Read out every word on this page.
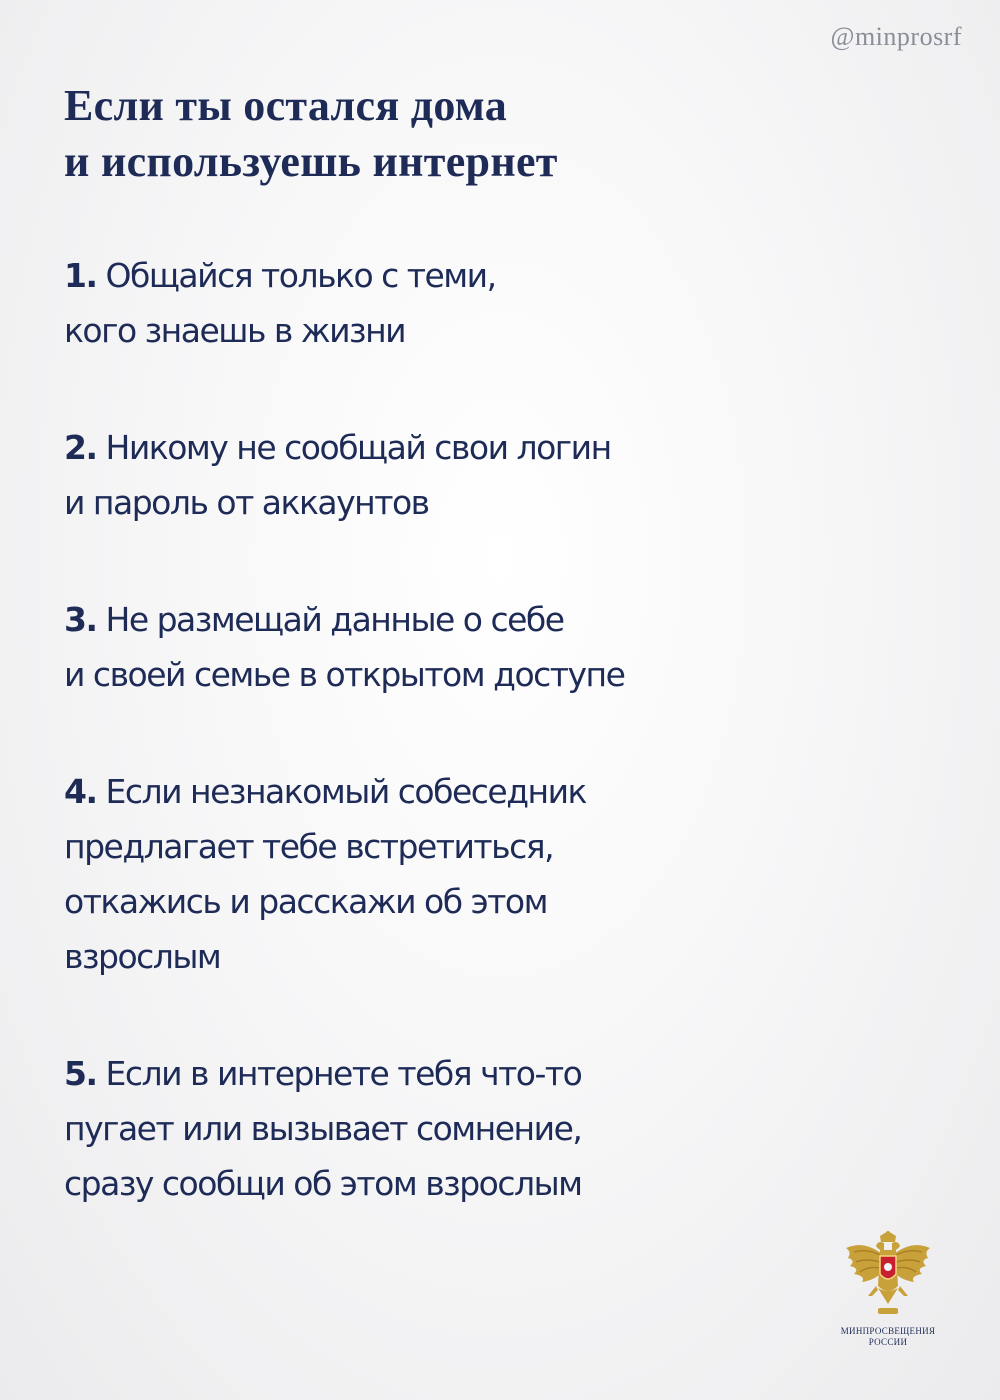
@minprosrf
Если ты остался дома
и используешь интернет
1. Общайся только с теми,
кого знаешь в жизни
2. Никому не сообщай свои логин
и пароль от аккаунтов
3. Не размещай данные о себе
и своей семье в открытом доступе
4. Если незнакомый собеседник
предлагает тебе встретиться,
откажись и расскажи об этом
взрослым
5. Если в интернете тебя что-то
пугает или вызывает сомнение,
сразу сообщи об этом взрослым
МИНПРОСВЕЩЕНИЯ
РОССИИ
